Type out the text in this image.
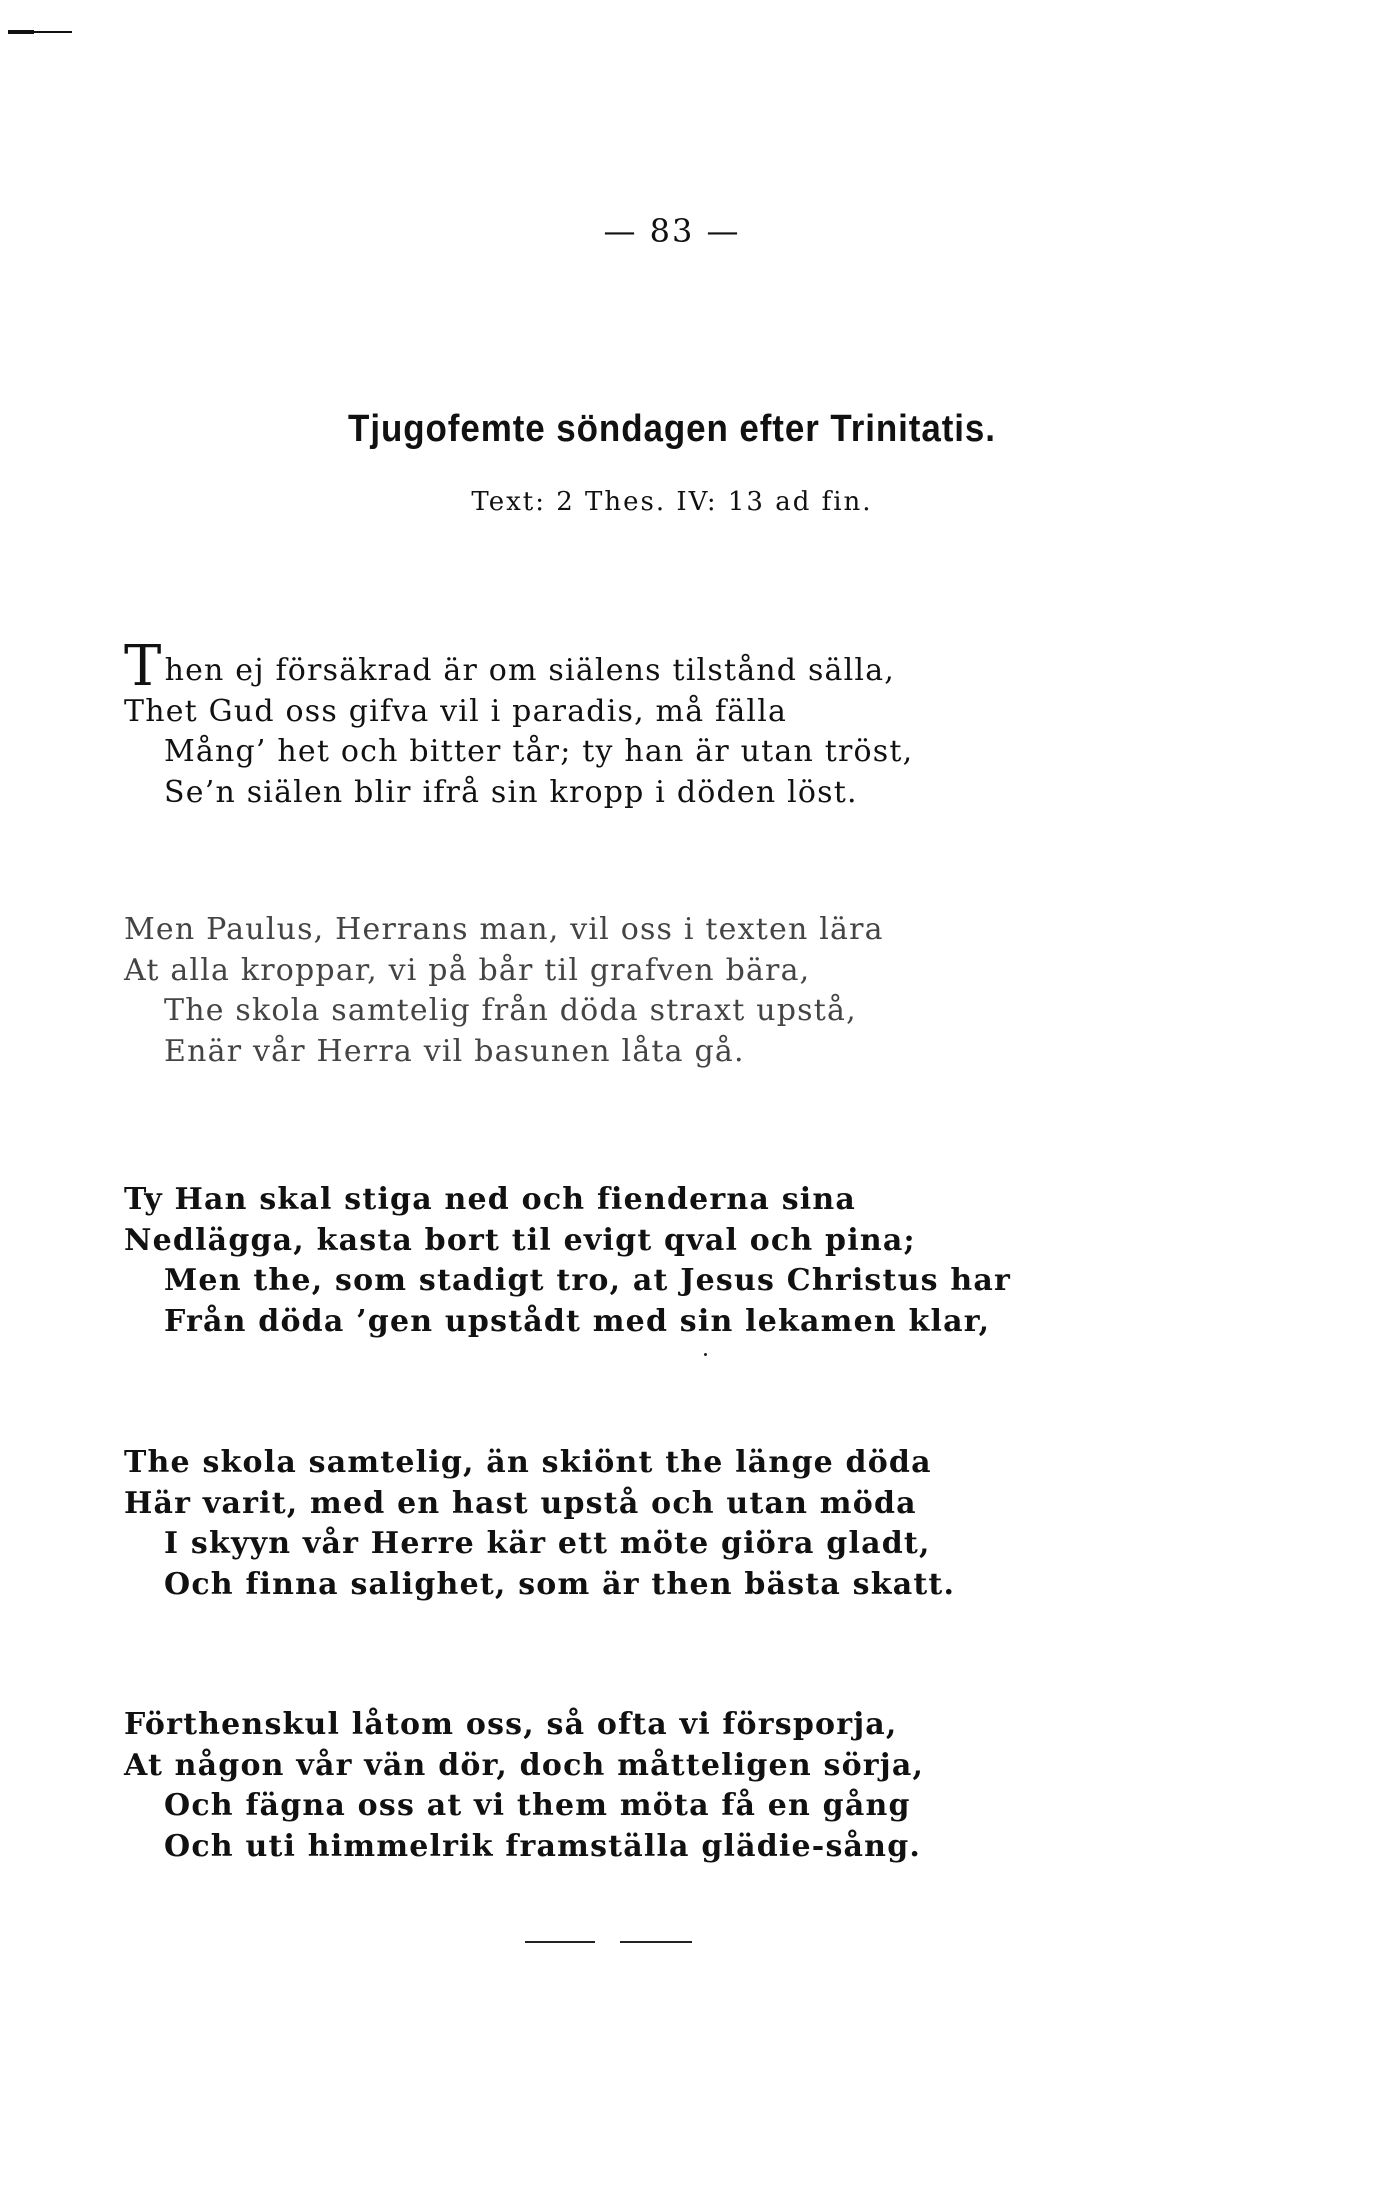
— 83 —
Tjugofemte söndagen efter Trinitatis.
Text: 2 Thes. IV: 13 ad fin.
Then ej försäkrad är om siälens tilstånd sälla,
Thet Gud oss gifva vil i paradis, må fälla
Mång’ het och bitter tår; ty han är utan tröst,
Se’n siälen blir ifrå sin kropp i döden löst.
Men Paulus, Herrans man, vil oss i texten lära
At alla kroppar, vi på bår til grafven bära,
The skola samtelig från döda straxt upstå,
Enär vår Herra vil basunen låta gå.
Ty Han skal stiga ned och fienderna sina
Nedlägga, kasta bort til evigt qval och pina;
Men the, som stadigt tro, at Jesus Christus har
Från döda ’gen upstådt med sin lekamen klar,
The skola samtelig, än skiönt the länge döda
Här varit, med en hast upstå och utan möda
I skyyn vår Herre kär ett möte giöra gladt,
Och finna salighet, som är then bästa skatt.
Förthenskul låtom oss, så ofta vi försporja,
At någon vår vän dör, doch måtteligen sörja,
Och fägna oss at vi them möta få en gång
Och uti himmelrik framställa glädie-sång.
